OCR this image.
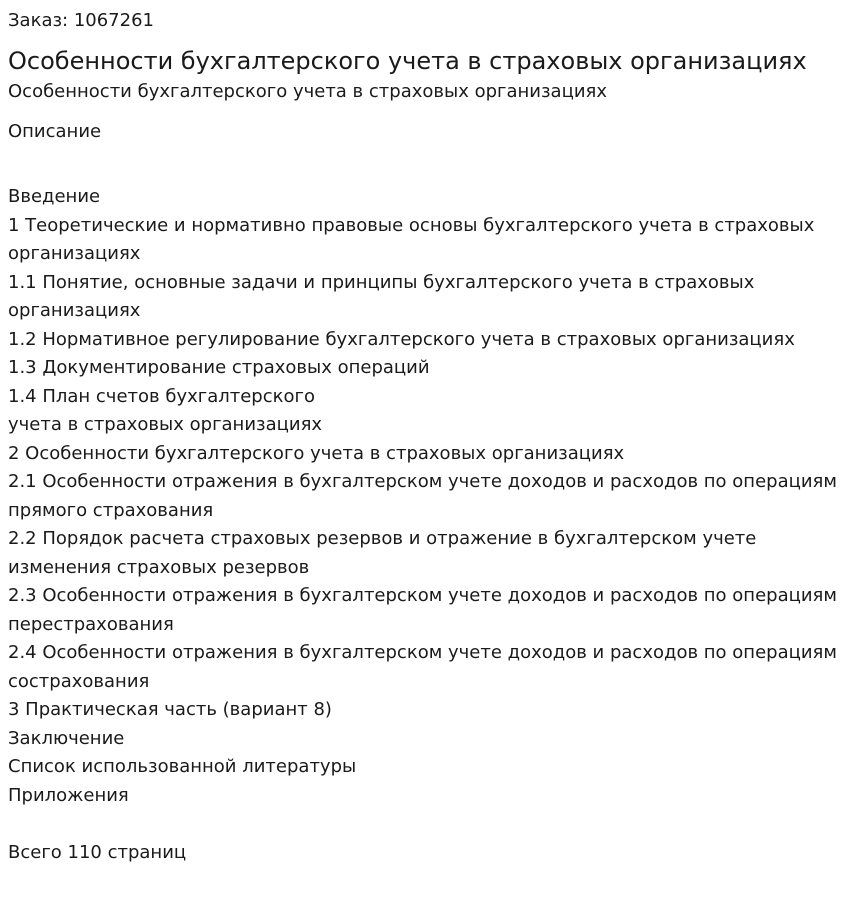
Заказ: 1067261

Особенности бухгалтерского учета в страховых организациях

Особенности бухгалтерского учета в страховых организациях

Описание

Введение
1 Теоретические и нормативно правовые основы бухгалтерского учета в страховых организациях
1.1 Понятие, основные задачи и принципы бухгалтерского учета в страховых организациях
1.2 Нормативное регулирование бухгалтерского учета в страховых организациях
1.3 Документирование страховых операций
1.4 План счетов бухгалтерского
учета в страховых организациях
2 Особенности бухгалтерского учета в страховых организациях
2.1 Особенности отражения в бухгалтерском учете доходов и расходов по операциям прямого страхования
2.2 Порядок расчета страховых резервов и отражение в бухгалтерском учете изменения страховых резервов
2.3 Особенности отражения в бухгалтерском учете доходов и расходов по операциям перестрахования
2.4 Особенности отражения в бухгалтерском учете доходов и расходов по операциям сострахования
3 Практическая часть (вариант 8)
Заключение
Список использованной литературы
Приложения

Всего 110 страниц
